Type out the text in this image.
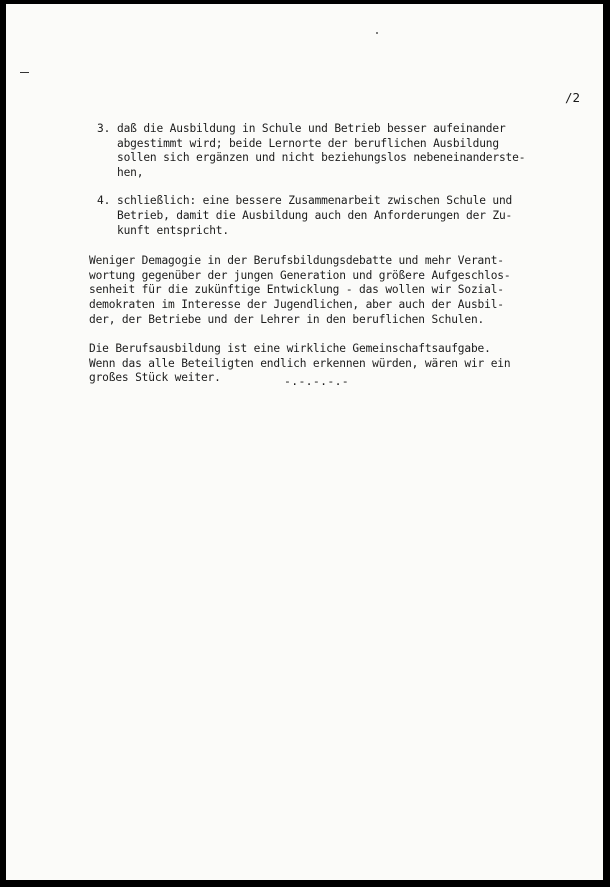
/2
3. daß die Ausbildung in Schule und Betrieb besser aufeinander
abgestimmt wird; beide Lernorte der beruflichen Ausbildung
sollen sich ergänzen und nicht beziehungslos nebeneinanderste-
hen,
4. schließlich: eine bessere Zusammenarbeit zwischen Schule und
Betrieb, damit die Ausbildung auch den Anforderungen der Zu-
kunft entspricht.
Weniger Demagogie in der Berufsbildungsdebatte und mehr Verant-
wortung gegenüber der jungen Generation und größere Aufgeschlos-
senheit für die zukünftige Entwicklung - das wollen wir Sozial-
demokraten im Interesse der Jugendlichen, aber auch der Ausbil-
der, der Betriebe und der Lehrer in den beruflichen Schulen.
Die Berufsausbildung ist eine wirkliche Gemeinschaftsaufgabe.
Wenn das alle Beteiligten endlich erkennen würden, wären wir ein
großes Stück weiter.	-.-.-.-.-
